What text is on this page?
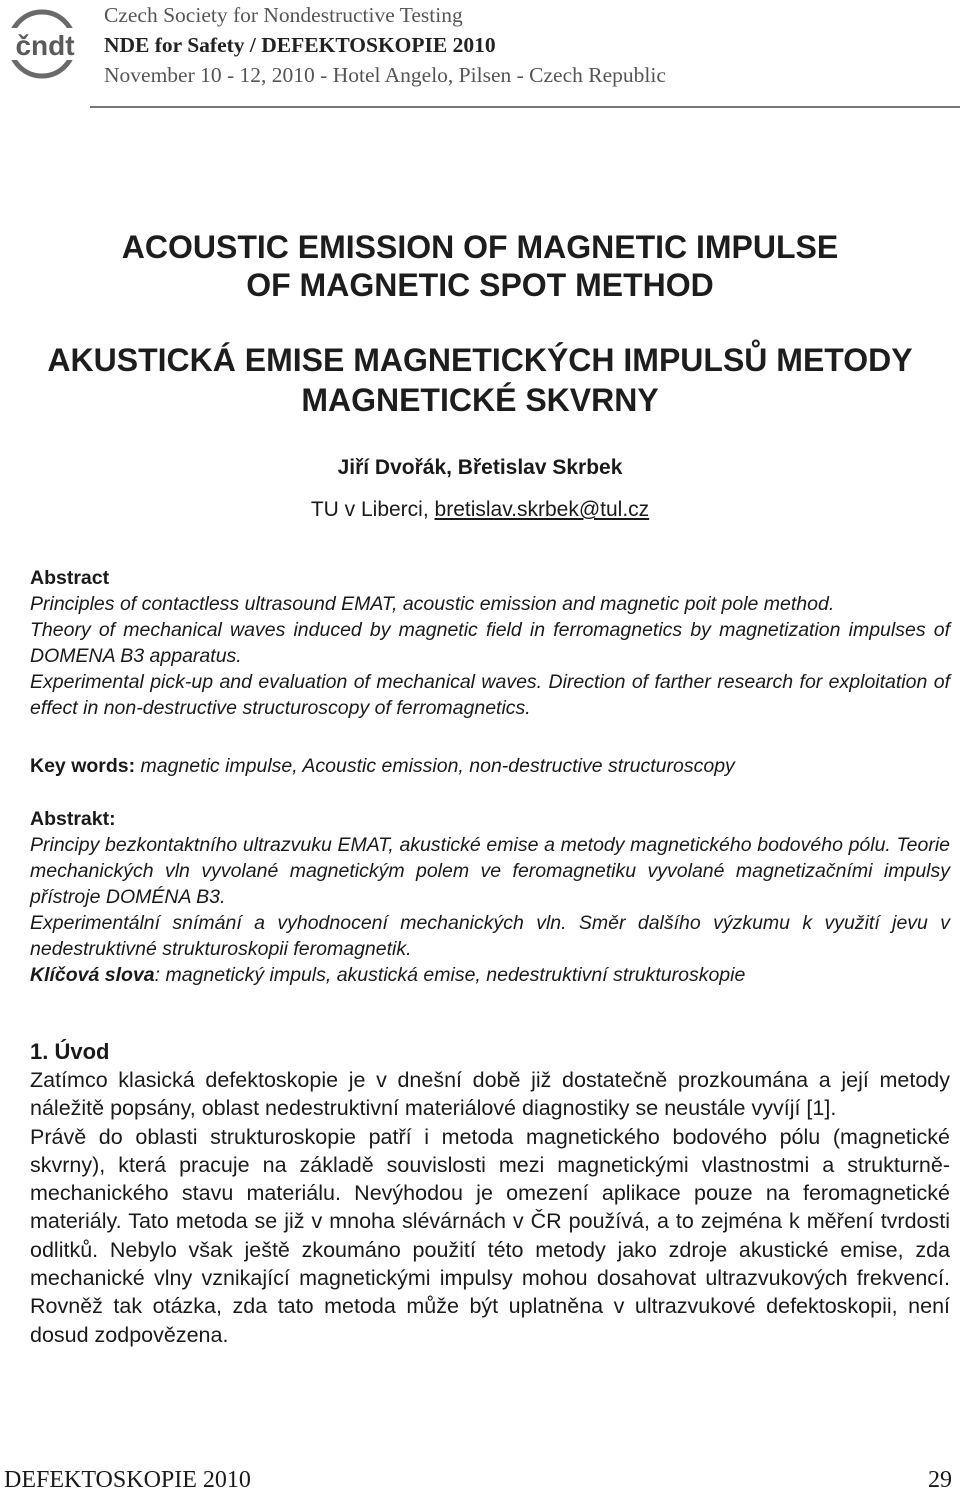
čndt
Czech Society for Nondestructive Testing
NDE for Safety / DEFEKTOSKOPIE 2010
November 10 - 12, 2010 - Hotel Angelo, Pilsen - Czech Republic
ACOUSTIC EMISSION OF MAGNETIC IMPULSE
OF MAGNETIC SPOT METHOD
AKUSTICKÁ EMISE MAGNETICKÝCH IMPULSŮ METODY
MAGNETICKÉ SKVRNY
Jiří Dvořák, Břetislav Skrbek
TU v Liberci, bretislav.skrbek@tul.cz
Abstract

Principles of contactless ultrasound EMAT, acoustic emission and magnetic poit pole method.

Theory of mechanical waves induced by magnetic field in ferromagnetics by magnetization impulses of DOMENA B3 apparatus.

Experimental pick-up and evaluation of mechanical waves. Direction of farther research for exploitation of effect in non-destructive structuroscopy of ferromagnetics.

Key words: magnetic impulse, Acoustic emission, non-destructive structuroscopy
Abstrakt:

Principy bezkontaktního ultrazvuku EMAT, akustické emise a metody magnetického bodového pólu. Teorie mechanických vln vyvolané magnetickým polem ve feromagnetiku vyvolané magnetizačními impulsy přístroje DOMÉNA B3.

Experimentální snímání a vyhodnocení mechanických vln. Směr dalšího výzkumu k využití jevu v nedestruktivné strukturoskopii feromagnetik.

Klíčová slova: magnetický impuls, akustická emise, nedestruktivní strukturoskopie
1. Úvod

Zatímco klasická defektoskopie je v dnešní době již dostatečně prozkoumána a její metody náležitě popsány, oblast nedestruktivní materiálové diagnostiky se neustále vyvíjí [1].

Právě do oblasti strukturoskopie patří i metoda magnetického bodového pólu (magnetické skvrny), která pracuje na základě souvislosti mezi magnetickými vlastnostmi a strukturně-mechanického stavu materiálu. Nevýhodou je omezení aplikace pouze na feromagnetické materiály. Tato metoda se již v mnoha slévárnách v ČR používá, a to zejména k měření tvrdosti odlitků. Nebylo však ještě zkoumáno použití této metody jako zdroje akustické emise, zda mechanické vlny vznikající magnetickými impulsy mohou dosahovat ultrazvukových frekvencí. Rovněž tak otázka, zda tato metoda může být uplatněna v ultrazvukové defektoskopii, není dosud zodpovězena.

DEFEKTOSKOPIE 2010	29
